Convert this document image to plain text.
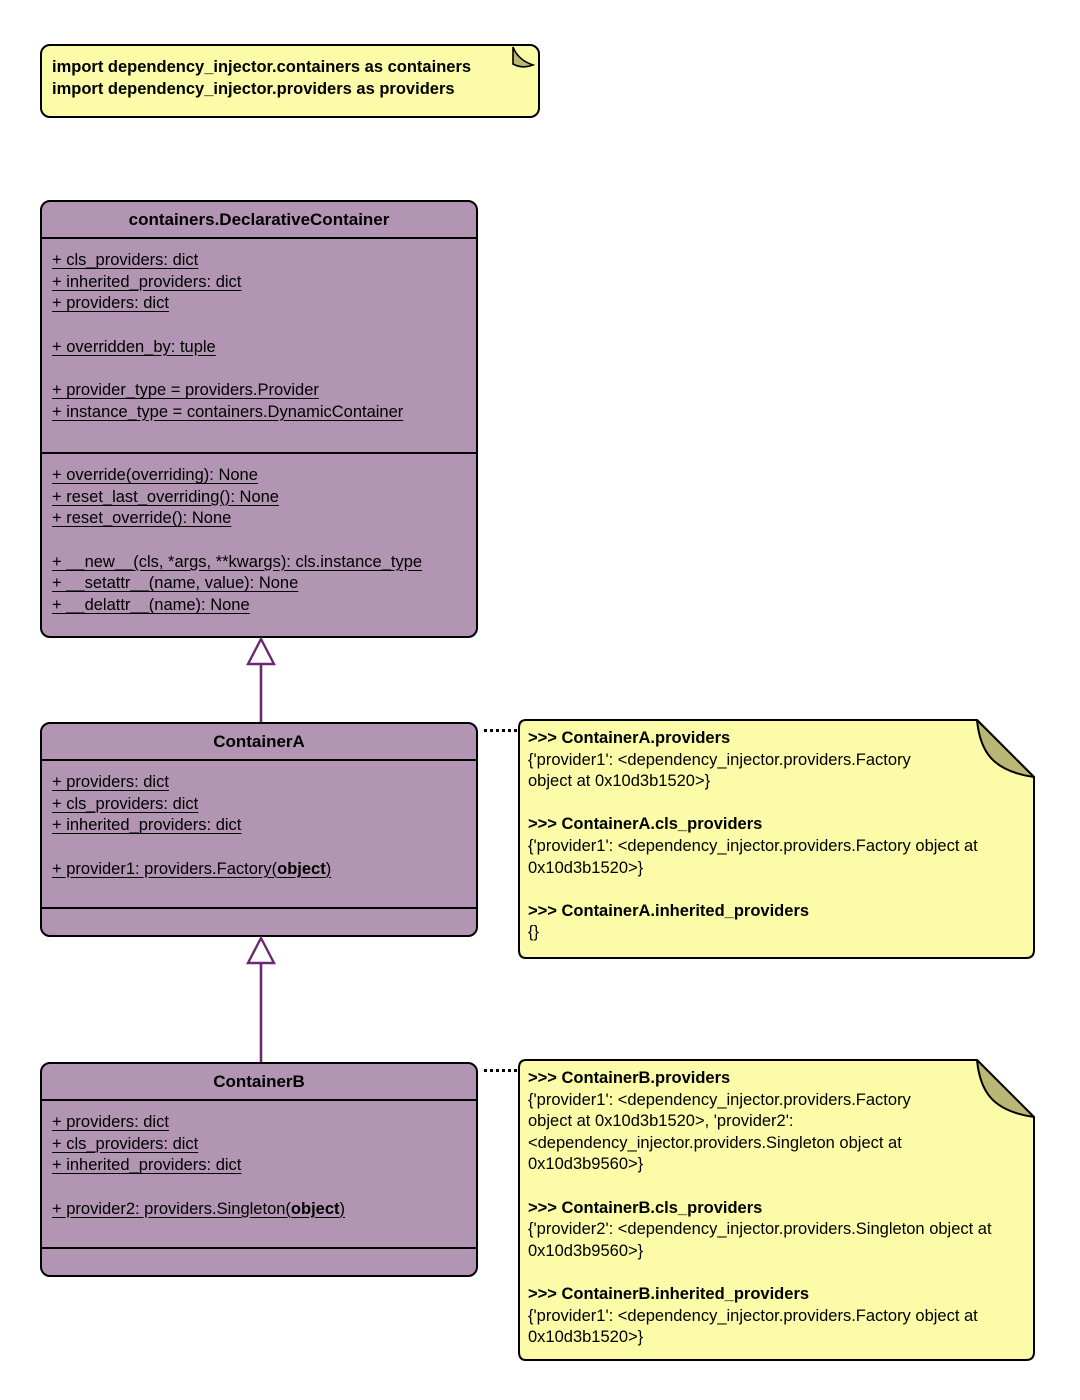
import dependency_injector.containers as containers
import dependency_injector.providers as providers
containers.DeclarativeContainer
+ cls_providers: dict
+ inherited_providers: dict
+ providers: dict
+ overridden_by: tuple
+ provider_type = providers.Provider
+ instance_type = containers.DynamicContainer
+ override(overriding): None
+ reset_last_overriding(): None
+ reset_override(): None
+ __new__(cls, *args, **kwargs): cls.instance_type
+ __setattr__(name, value): None
+ __delattr__(name): None
ContainerA
+ providers: dict
+ cls_providers: dict
+ inherited_providers: dict
+ provider1: providers.Factory(object)
>>> ContainerA.providers
{'provider1': <dependency_injector.providers.Factory
object at 0x10d3b1520>}
>>> ContainerA.cls_providers
{'provider1': <dependency_injector.providers.Factory object at
0x10d3b1520>}
>>> ContainerA.inherited_providers
{}
ContainerB
+ providers: dict
+ cls_providers: dict
+ inherited_providers: dict
+ provider2: providers.Singleton(object)
>>> ContainerB.providers
{'provider1': <dependency_injector.providers.Factory
object at 0x10d3b1520>, 'provider2':
<dependency_injector.providers.Singleton object at
0x10d3b9560>}
>>> ContainerB.cls_providers
{'provider2': <dependency_injector.providers.Singleton object at
0x10d3b9560>}
>>> ContainerB.inherited_providers
{'provider1': <dependency_injector.providers.Factory object at
0x10d3b1520>}
